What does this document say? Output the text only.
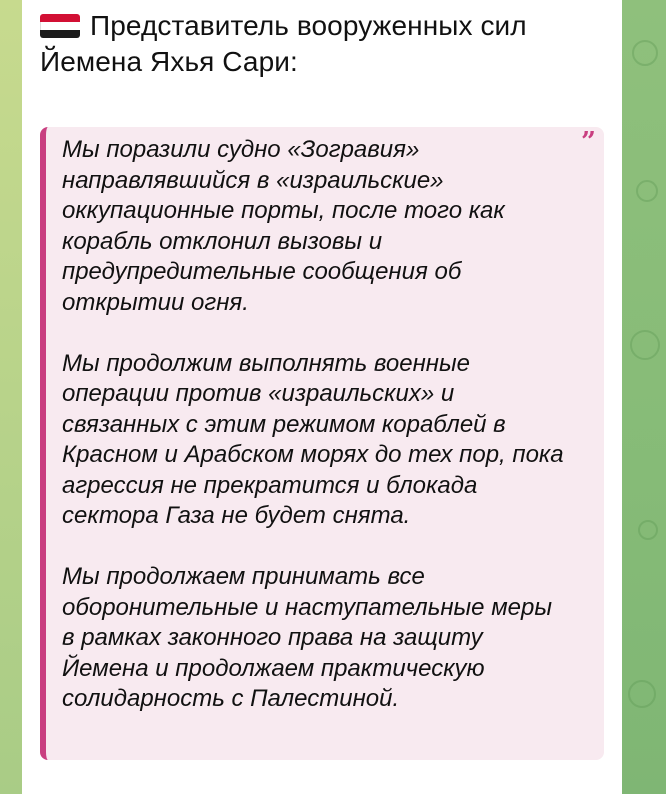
Представитель вооруженных сил Йемена Яхья Сари:
”

Мы поразили судно «Зогравия» направлявшийся в «израильские» оккупационные порты, после того как корабль отклонил вызовы и предупредительные сообщения об открытии огня.

Мы продолжим выполнять военные операции против «израильских» и связанных с этим режимом кораблей в Красном и Арабском морях до тех пор, пока агрессия не прекратится и блокада сектора Газа не будет снята.

Мы продолжаем принимать все оборонительные и наступательные меры в рамках законного права на защиту Йемена и продолжаем практическую солидарность с Палестиной.
